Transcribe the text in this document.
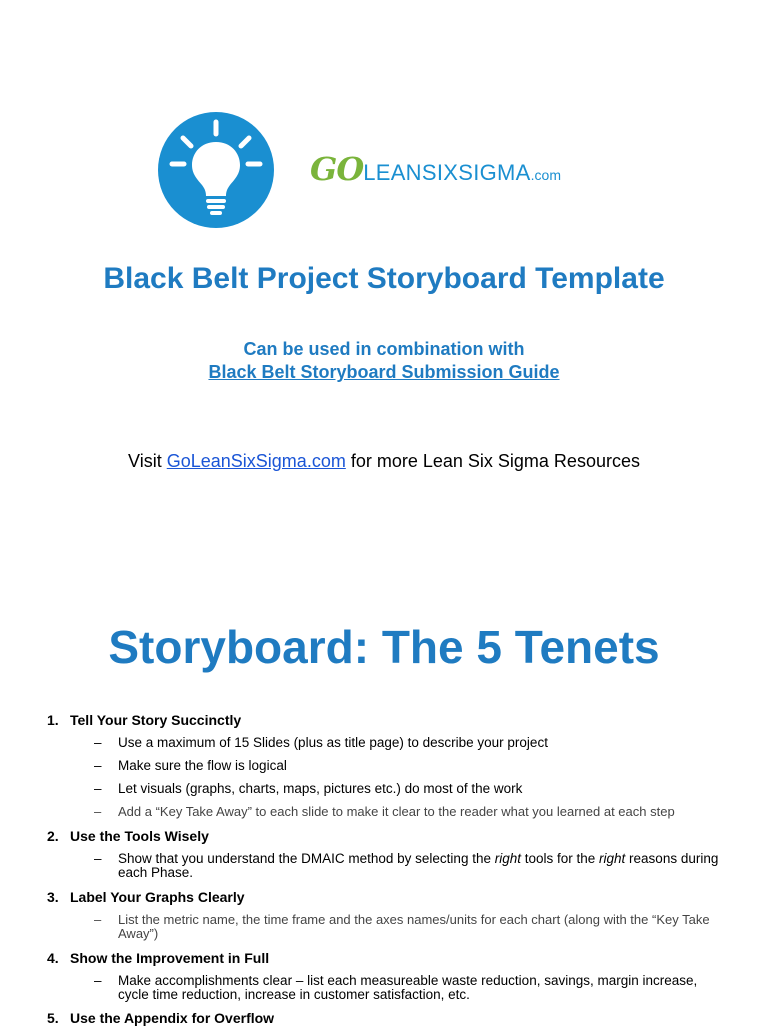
GOLEANSIXSIGMA.com
Black Belt Project Storyboard Template
Can be used in combination with
Black Belt Storyboard Submission Guide
Visit GoLeanSixSigma.com for more Lean Six Sigma Resources
Storyboard: The 5 Tenets
1. Tell Your Story Succinctly
– Use a maximum of 15 Slides (plus as title page) to describe your project
– Make sure the flow is logical
– Let visuals (graphs, charts, maps, pictures etc.) do most of the work
– Add a “Key Take Away” to each slide to make it clear to the reader what you learned at each step
2. Use the Tools Wisely
– Show that you understand the DMAIC method by selecting the right tools for the right reasons during each Phase.
3. Label Your Graphs Clearly
– List the metric name, the time frame and the axes names/units for each chart (along with the “Key Take Away”)
4. Show the Improvement in Full
– Make accomplishments clear – list each measureable waste reduction, savings, margin increase, cycle time reduction, increase in customer satisfaction, etc.
5. Use the Appendix for Overflow
